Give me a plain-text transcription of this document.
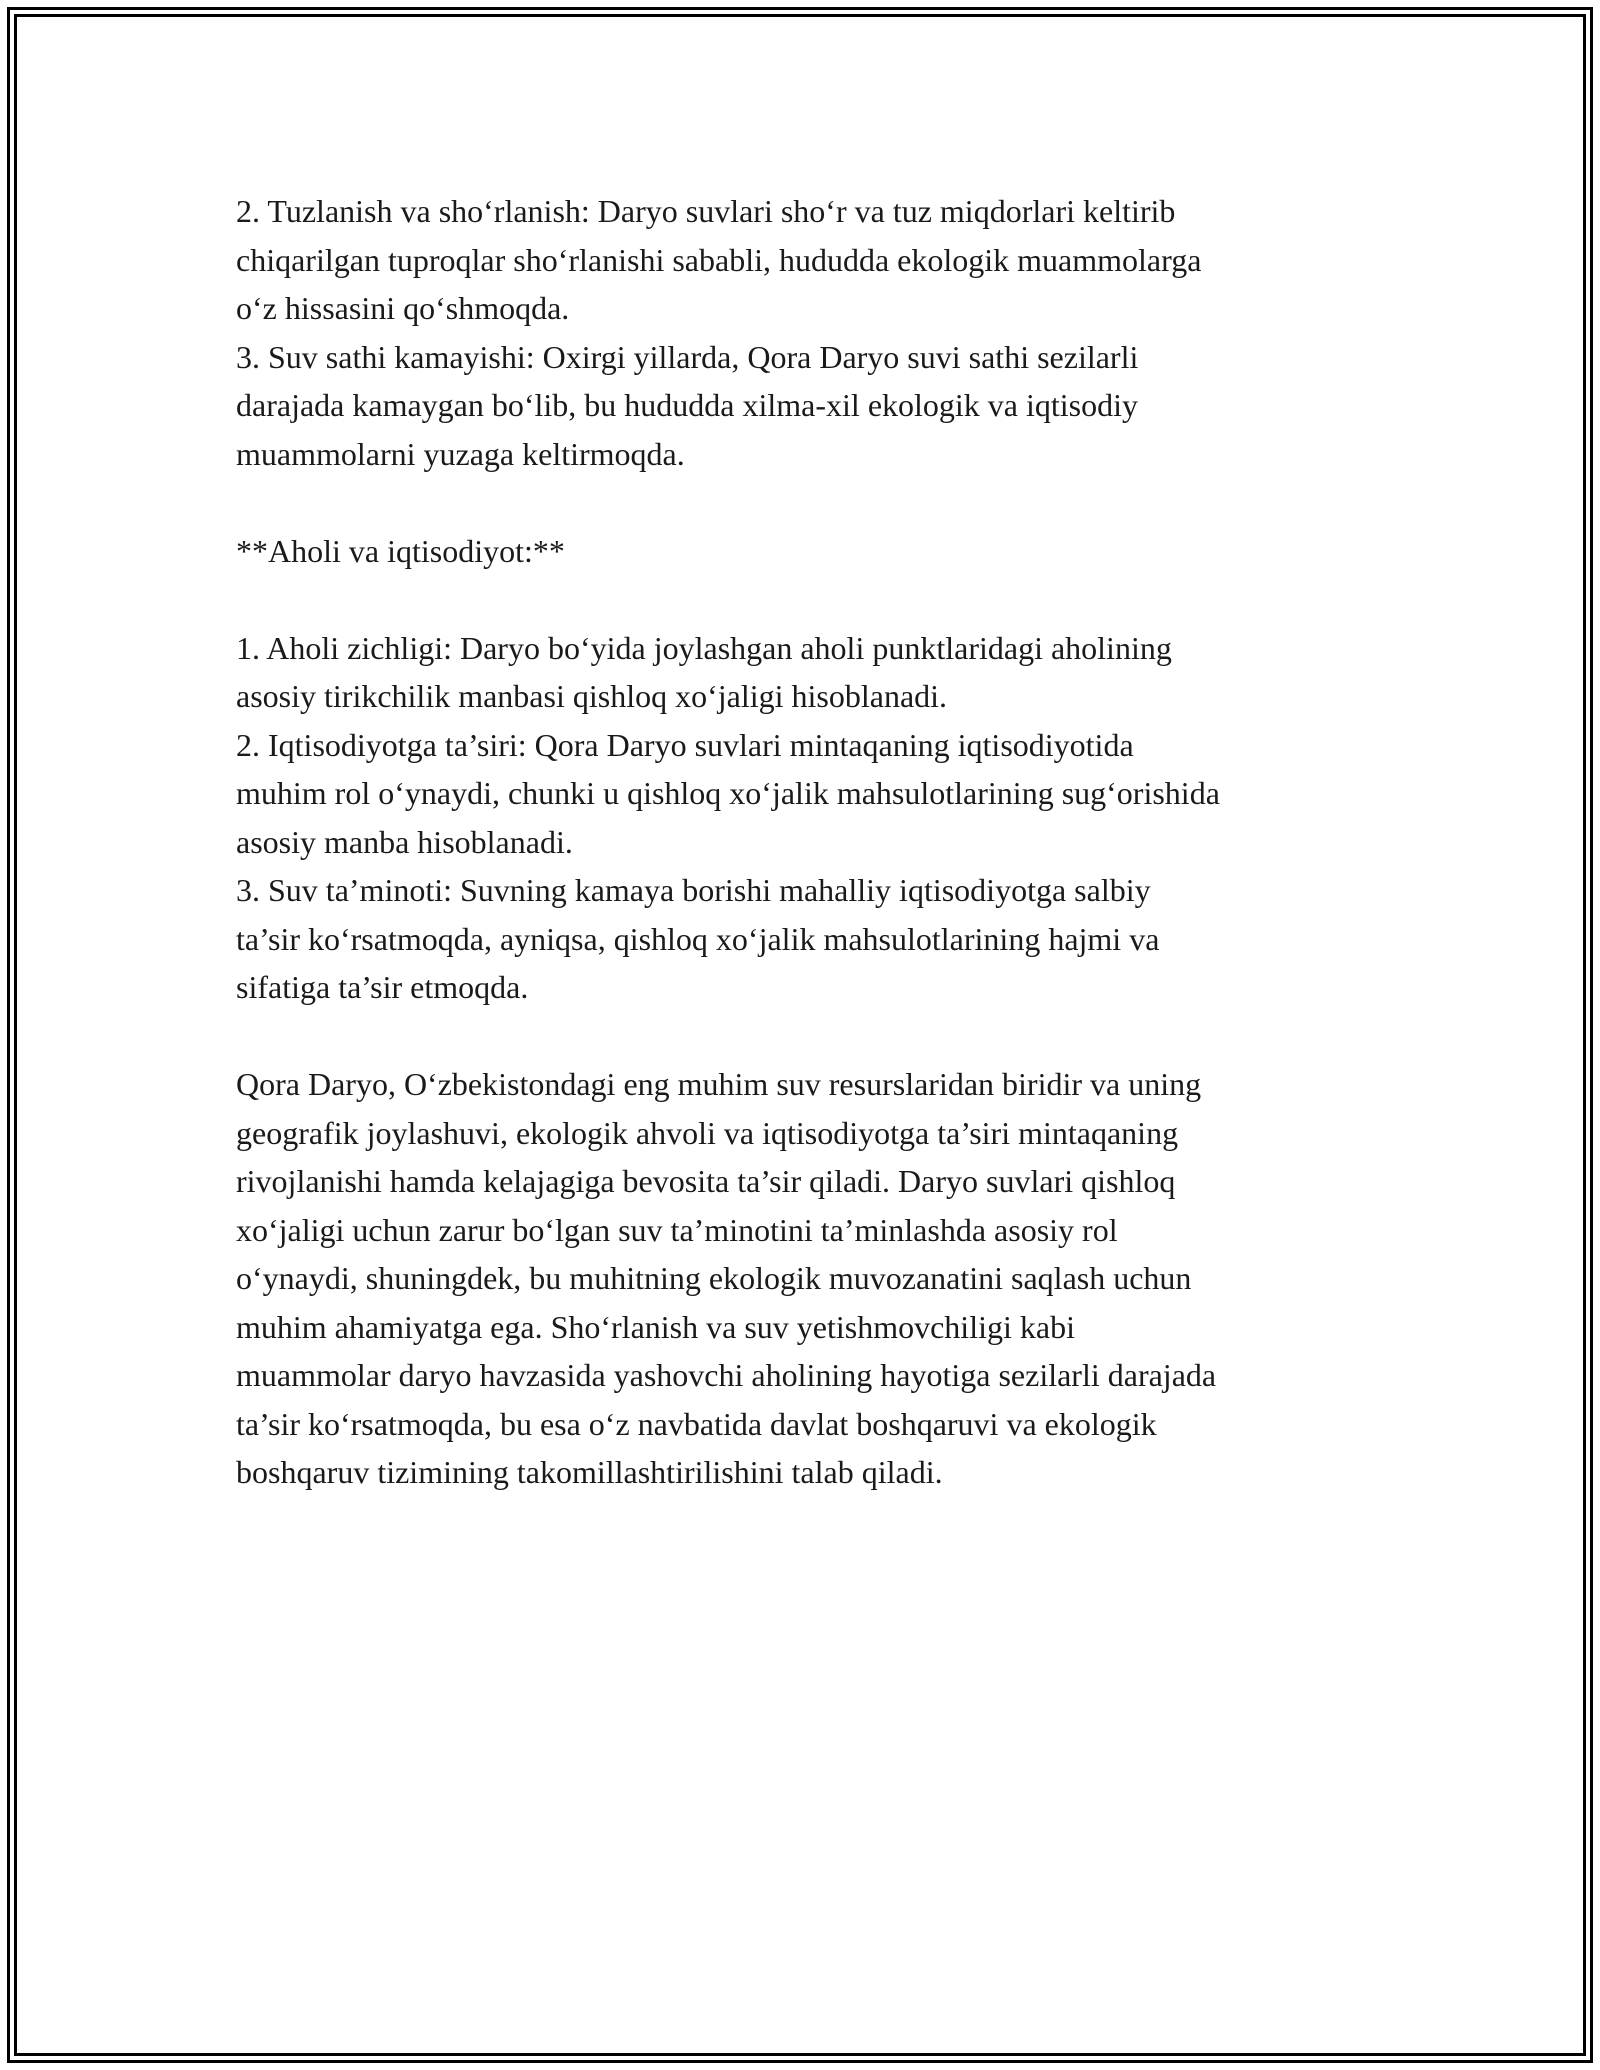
2. Tuzlanish va sho‘rlanish: Daryo suvlari sho‘r va tuz miqdorlari keltirib
chiqarilgan tuproqlar sho‘rlanishi sababli, hududda ekologik muammolarga
o‘z hissasini qo‘shmoqda.
3. Suv sathi kamayishi: Oxirgi yillarda, Qora Daryo suvi sathi sezilarli
darajada kamaygan bo‘lib, bu hududda xilma-xil ekologik va iqtisodiy
muammolarni yuzaga keltirmoqda.
**Aholi va iqtisodiyot:**
1. Aholi zichligi: Daryo bo‘yida joylashgan aholi punktlaridagi aholining
asosiy tirikchilik manbasi qishloq xo‘jaligi hisoblanadi.
2. Iqtisodiyotga ta’siri: Qora Daryo suvlari mintaqaning iqtisodiyotida
muhim rol o‘ynaydi, chunki u qishloq xo‘jalik mahsulotlarining sug‘orishida
asosiy manba hisoblanadi.
3. Suv ta’minoti: Suvning kamaya borishi mahalliy iqtisodiyotga salbiy
ta’sir ko‘rsatmoqda, ayniqsa, qishloq xo‘jalik mahsulotlarining hajmi va
sifatiga ta’sir etmoqda.
Qora Daryo, O‘zbekistondagi eng muhim suv resurslaridan biridir va uning
geografik joylashuvi, ekologik ahvoli va iqtisodiyotga ta’siri mintaqaning
rivojlanishi hamda kelajagiga bevosita ta’sir qiladi. Daryo suvlari qishloq
xo‘jaligi uchun zarur bo‘lgan suv ta’minotini ta’minlashda asosiy rol
o‘ynaydi, shuningdek, bu muhitning ekologik muvozanatini saqlash uchun
muhim ahamiyatga ega. Sho‘rlanish va suv yetishmovchiligi kabi
muammolar daryo havzasida yashovchi aholining hayotiga sezilarli darajada
ta’sir ko‘rsatmoqda, bu esa o‘z navbatida davlat boshqaruvi va ekologik
boshqaruv tizimining takomillashtirilishini talab qiladi.
